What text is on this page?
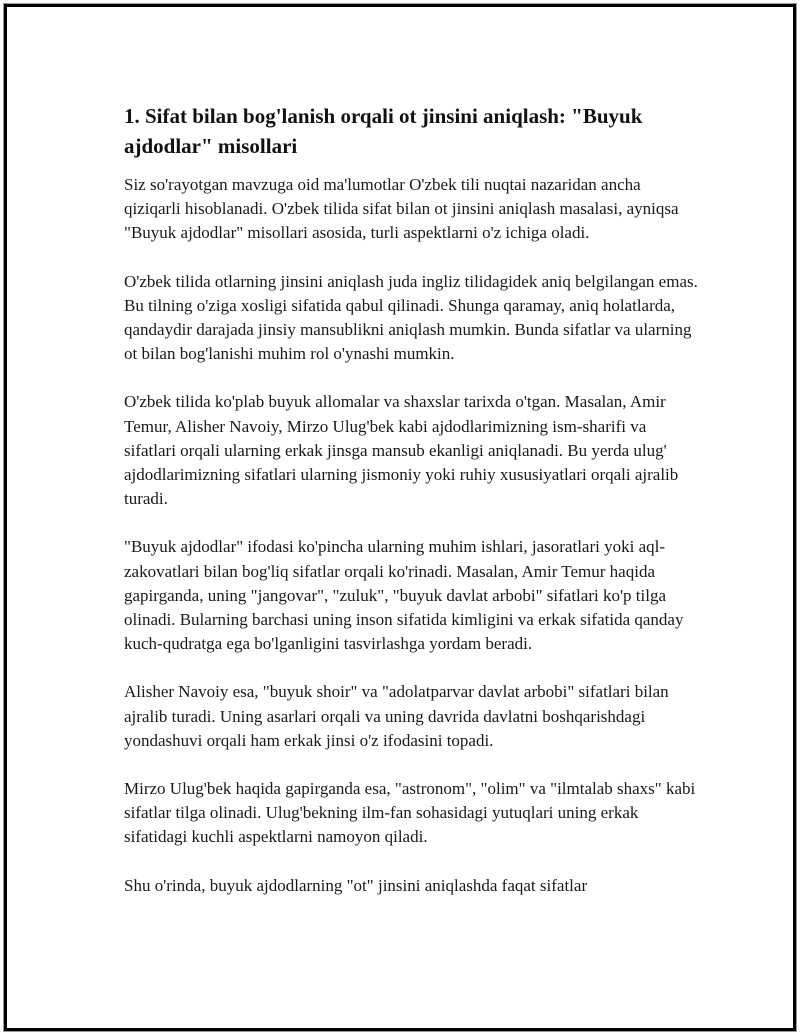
1. Sifat bilan bog'lanish orqali ot jinsini aniqlash: "Buyuk ajdodlar" misollari

Siz so'rayotgan mavzuga oid ma'lumotlar O'zbek tili nuqtai nazaridan ancha qiziqarli hisoblanadi. O'zbek tilida sifat bilan ot jinsini aniqlash masalasi, ayniqsa "Buyuk ajdodlar" misollari asosida, turli aspektlarni o'z ichiga oladi.

O'zbek tilida otlarning jinsini aniqlash juda ingliz tilidagidek aniq belgilangan emas. Bu tilning o'ziga xosligi sifatida qabul qilinadi. Shunga qaramay, aniq holatlarda, qandaydir darajada jinsiy mansublikni aniqlash mumkin. Bunda sifatlar va ularning ot bilan bog'lanishi muhim rol o'ynashi mumkin.

O'zbek tilida ko'plab buyuk allomalar va shaxslar tarixda o'tgan. Masalan, Amir Temur, Alisher Navoiy, Mirzo Ulug'bek kabi ajdodlarimizning ism-sharifi va sifatlari orqali ularning erkak jinsga mansub ekanligi aniqlanadi. Bu yerda ulug' ajdodlarimizning sifatlari ularning jismoniy yoki ruhiy xususiyatlari orqali ajralib turadi.

"Buyuk ajdodlar" ifodasi ko'pincha ularning muhim ishlari, jasoratlari yoki aql-zakovatlari bilan bog'liq sifatlar orqali ko'rinadi. Masalan, Amir Temur haqida gapirganda, uning "jangovar", "zuluk", "buyuk davlat arbobi" sifatlari ko'p tilga olinadi. Bularning barchasi uning inson sifatida kimligini va erkak sifatida qanday kuch-qudratga ega bo'lganligini tasvirlashga yordam beradi.

Alisher Navoiy esa, "buyuk shoir" va "adolatparvar davlat arbobi" sifatlari bilan ajralib turadi. Uning asarlari orqali va uning davrida davlatni boshqarishdagi yondashuvi orqali ham erkak jinsi o'z ifodasini topadi.

Mirzo Ulug'bek haqida gapirganda esa, "astronom", "olim" va "ilmtalab shaxs" kabi sifatlar tilga olinadi. Ulug'bekning ilm-fan sohasidagi yutuqlari uning erkak sifatidagi kuchli aspektlarni namoyon qiladi.

Shu o'rinda, buyuk ajdodlarning "ot" jinsini aniqlashda faqat sifatlar
